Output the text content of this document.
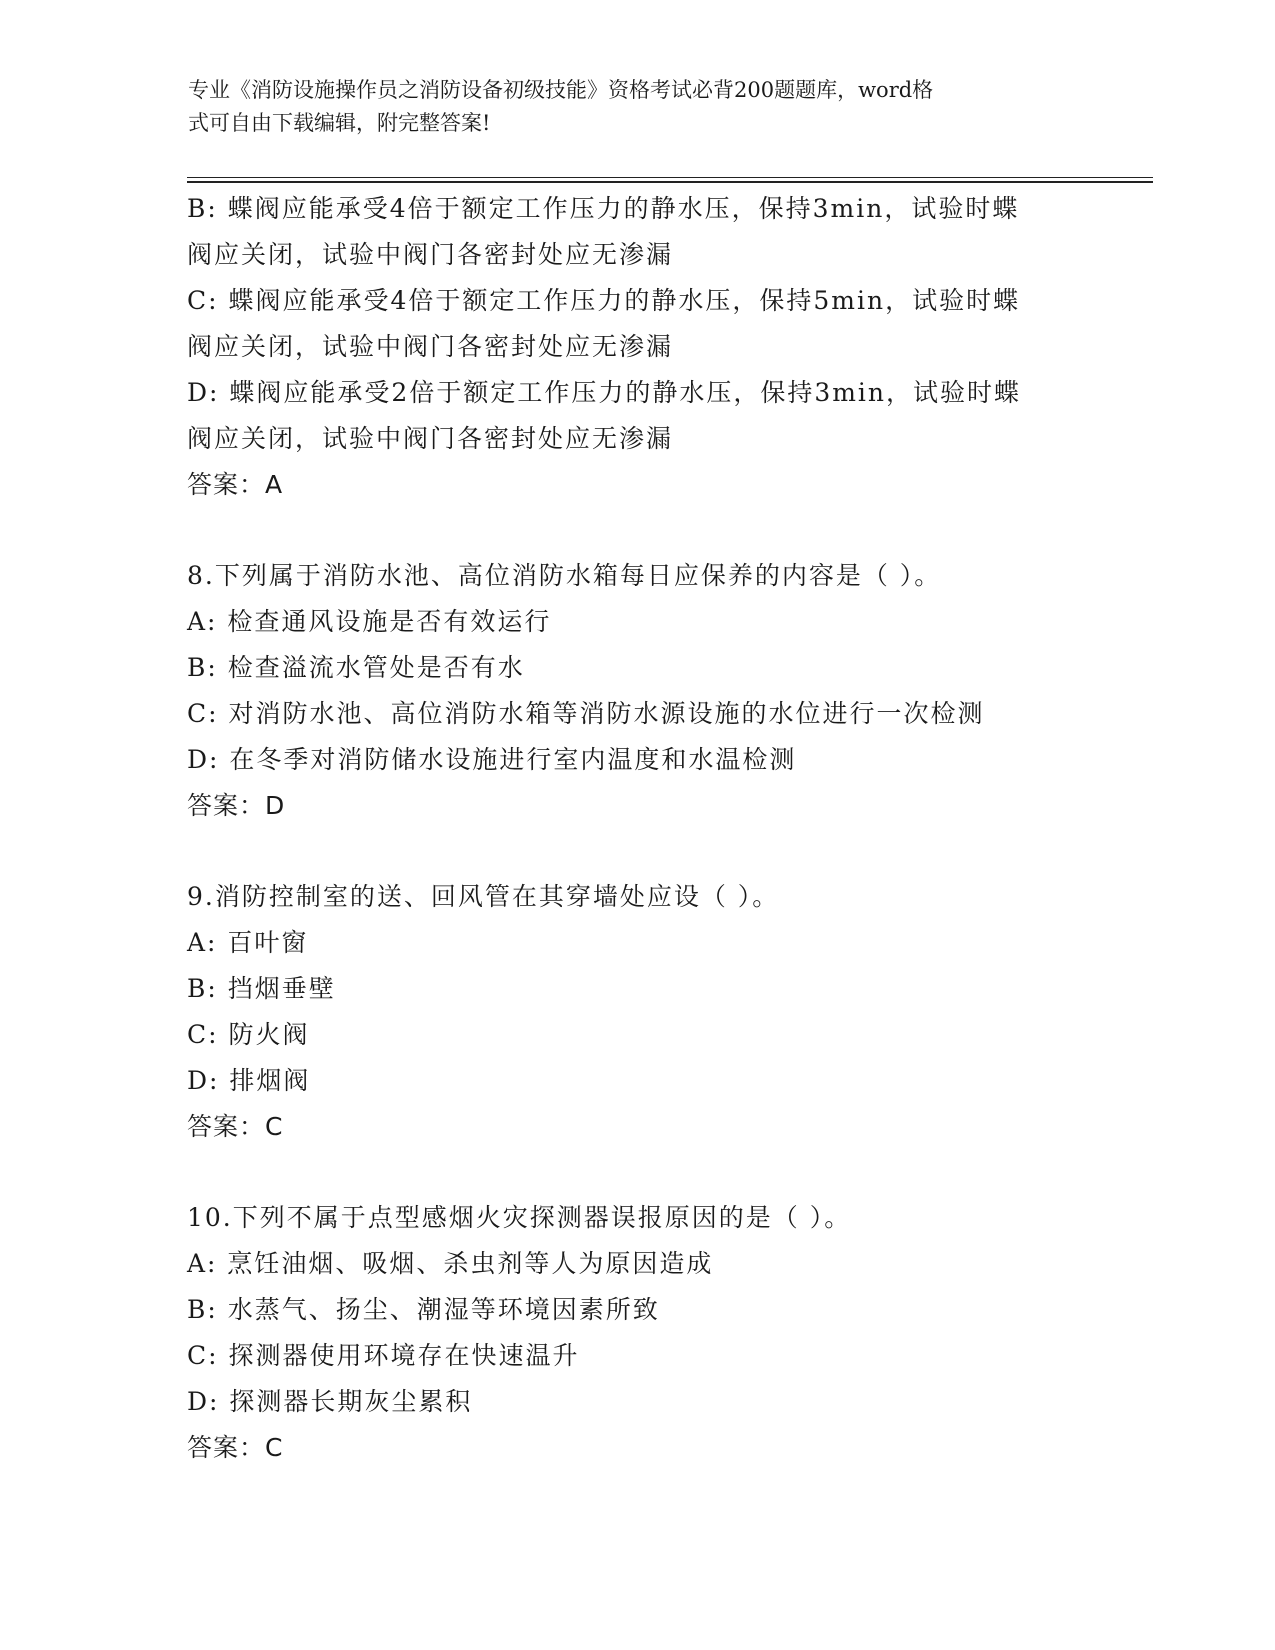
专业《消防设施操作员之消防设备初级技能》资格考试必背200题题库，word格
式可自由下载编辑，附完整答案!
B: 蝶阀应能承受4倍于额定工作压力的静水压，保持3min，试验时蝶
阀应关闭，试验中阀门各密封处应无渗漏
C: 蝶阀应能承受4倍于额定工作压力的静水压，保持5min，试验时蝶
阀应关闭，试验中阀门各密封处应无渗漏
D: 蝶阀应能承受2倍于额定工作压力的静水压，保持3min，试验时蝶
阀应关闭，试验中阀门各密封处应无渗漏
答案：A
8.下列属于消防水池、高位消防水箱每日应保养的内容是（ ）。
A: 检查通风设施是否有效运行
B: 检查溢流水管处是否有水
C: 对消防水池、高位消防水箱等消防水源设施的水位进行一次检测
D: 在冬季对消防储水设施进行室内温度和水温检测
答案：D
9.消防控制室的送、回风管在其穿墙处应设（ ）。
A: 百叶窗
B: 挡烟垂壁
C: 防火阀
D: 排烟阀
答案：C
10.下列不属于点型感烟火灾探测器误报原因的是（ ）。
A: 烹饪油烟、吸烟、杀虫剂等人为原因造成
B: 水蒸气、扬尘、潮湿等环境因素所致
C: 探测器使用环境存在快速温升
D: 探测器长期灰尘累积
答案：C
